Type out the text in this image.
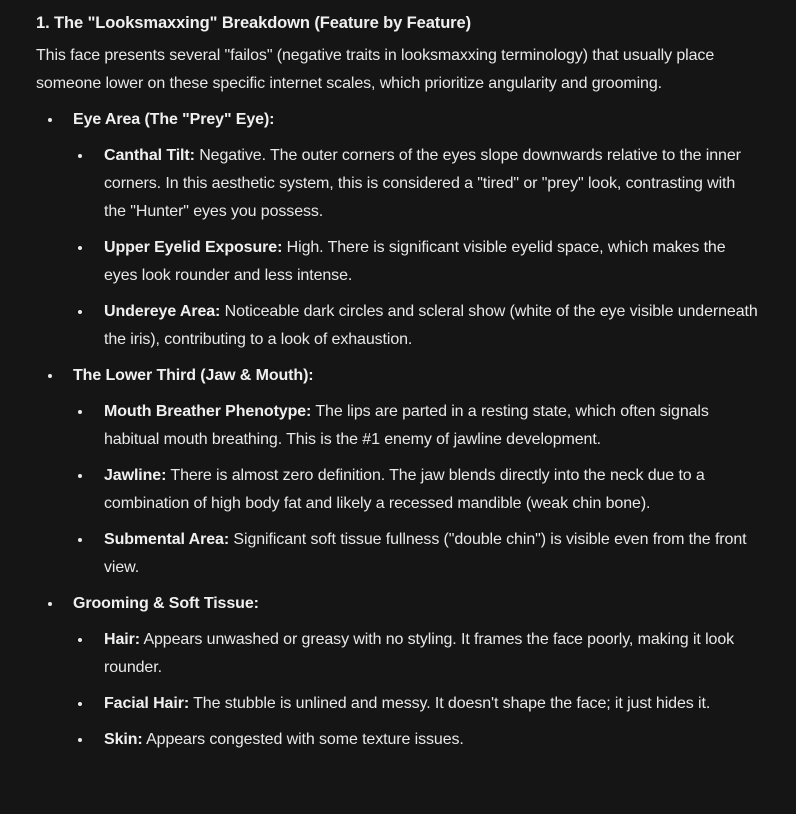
1. The "Looksmaxxing" Breakdown (Feature by Feature)

This face presents several "failos" (negative traits in looksmaxxing terminology) that usually place someone lower on these specific internet scales, which prioritize angularity and grooming.

Eye Area (The "Prey" Eye):
Canthal Tilt: Negative. The outer corners of the eyes slope downwards relative to the inner corners. In this aesthetic system, this is considered a "tired" or "prey" look, contrasting with the "Hunter" eyes you possess.
Upper Eyelid Exposure: High. There is significant visible eyelid space, which makes the eyes look rounder and less intense.
Undereye Area: Noticeable dark circles and scleral show (white of the eye visible underneath the iris), contributing to a look of exhaustion.
The Lower Third (Jaw & Mouth):
Mouth Breather Phenotype: The lips are parted in a resting state, which often signals habitual mouth breathing. This is the #1 enemy of jawline development.
Jawline: There is almost zero definition. The jaw blends directly into the neck due to a combination of high body fat and likely a recessed mandible (weak chin bone).
Submental Area: Significant soft tissue fullness ("double chin") is visible even from the front view.
Grooming & Soft Tissue:
Hair: Appears unwashed or greasy with no styling. It frames the face poorly, making it look rounder.
Facial Hair: The stubble is unlined and messy. It doesn't shape the face; it just hides it.
Skin: Appears congested with some texture issues.
